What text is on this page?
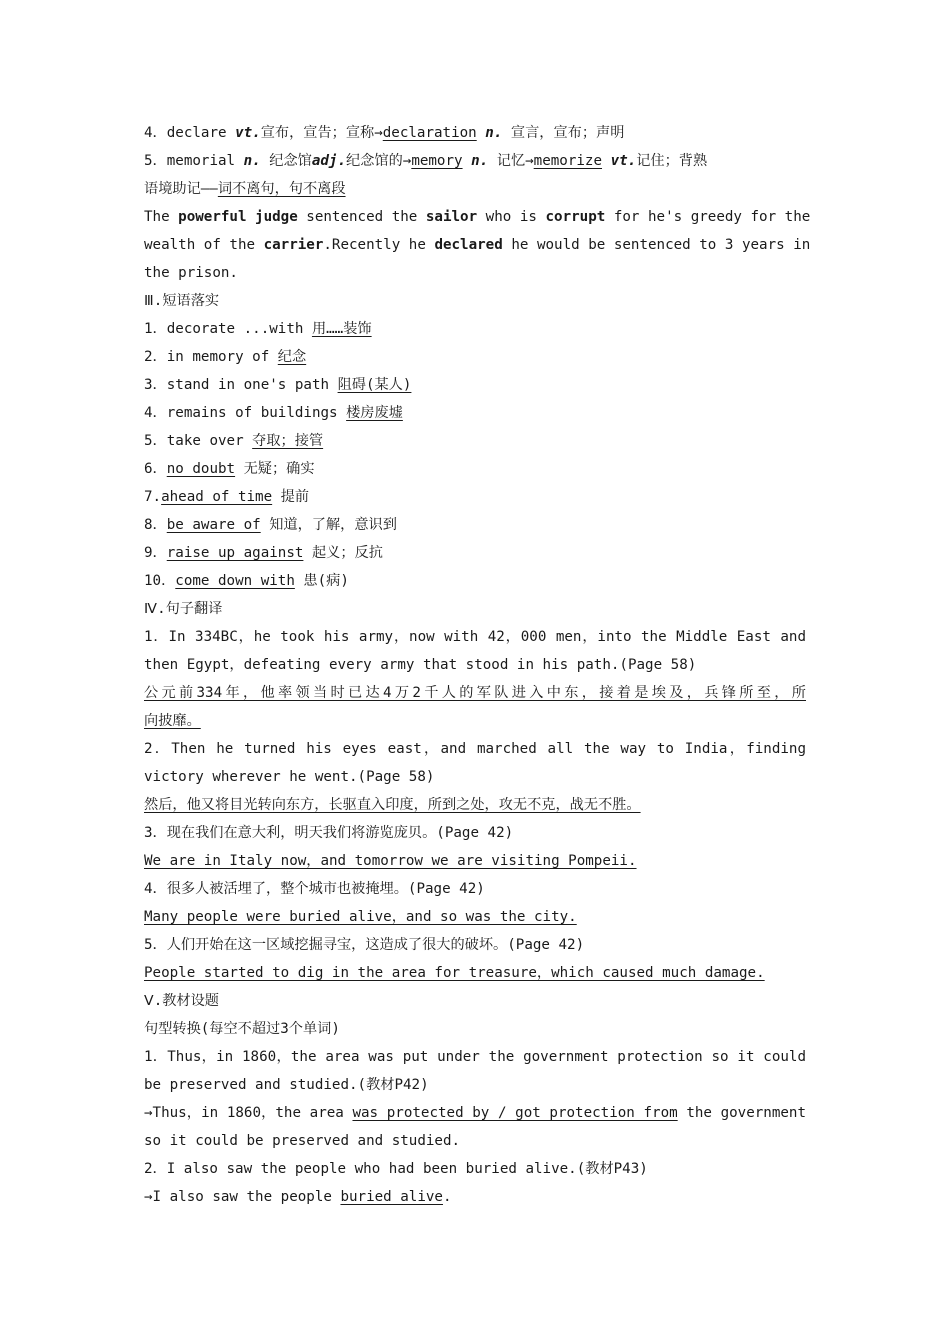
4．declare vt.宣布，宣告；宣称→declaration n. 宣言，宣布；声明
5．memorial n. 纪念馆adj.纪念馆的→memory n. 记忆→memorize vt.记住；背熟
语境助记——词不离句，句不离段
The powerful judge sentenced the sailor who is corrupt for he's greedy for the
wealth of the carrier.Recently he declared he would be sentenced to 3 years in
the prison.
Ⅲ.短语落实
1．decorate ...with 用……装饰
2．in memory of 纪念
3．stand in one's path 阻碍(某人)
4．remains of buildings 楼房废墟
5．take over 夺取；接管
6．no doubt 无疑；确实
7.ahead of time 提前
8．be aware of 知道，了解，意识到
9．raise up against 起义；反抗
10．come down with 患(病)
Ⅳ.句子翻译
1．In 334BC，he took his army，now with 42，000 men，into the Middle East and
then Egypt，defeating every army that stood in his path.(Page 58)
公元前334年，他率领当时已达4万2千人的军队进入中东，接着是埃及，兵锋所至，所
向披靡。
2．Then he turned his eyes east，and marched all the way to India，finding
victory wherever he went.(Page 58)
然后，他又将目光转向东方，长驱直入印度，所到之处，攻无不克，战无不胜。
3．现在我们在意大利，明天我们将游览庞贝。(Page 42)
We are in Italy now，and tomorrow we are visiting Pompeii.
4．很多人被活埋了，整个城市也被掩埋。(Page 42)
Many people were buried alive，and so was the city.
5．人们开始在这一区域挖掘寻宝，这造成了很大的破坏。(Page 42)
People started to dig in the area for treasure，which caused much damage.
Ⅴ.教材设题
句型转换(每空不超过3个单词)
1．Thus，in 1860，the area was put under the government protection so it could
be preserved and studied.(教材P42)
→Thus，in 1860，the area was protected by / got protection from the government
so it could be preserved and studied.
2．I also saw the people who had been buried alive.(教材P43)
→I also saw the people buried alive.
